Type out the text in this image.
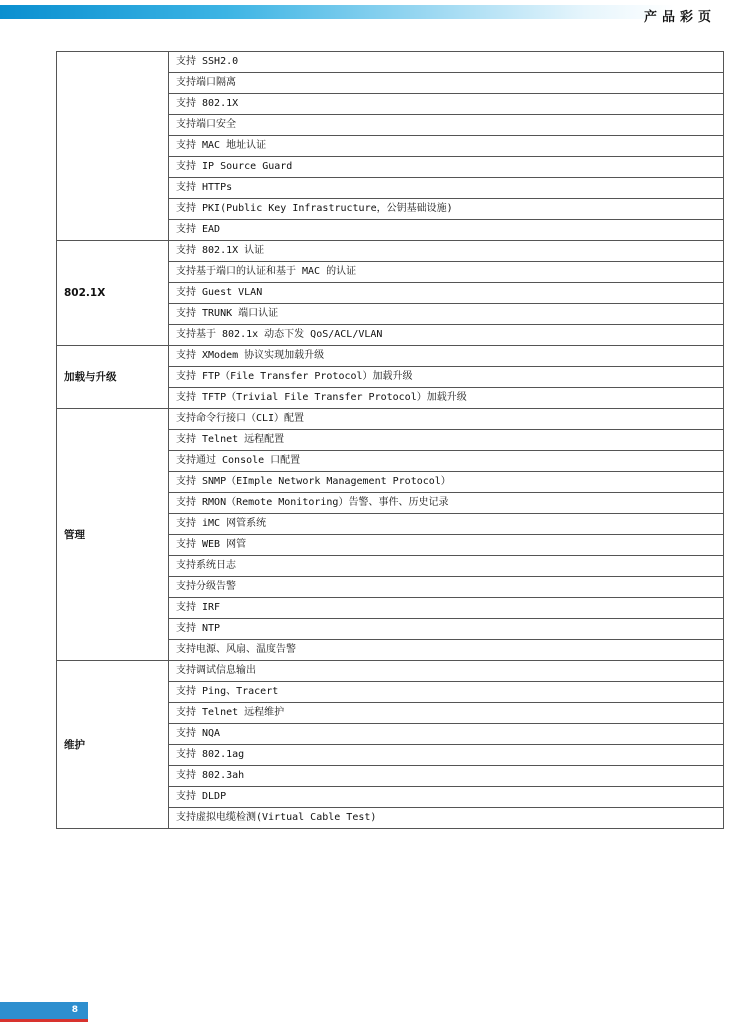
产品彩页
	支持 SSH2.0
	支持端口隔离
	支持 802.1X
	支持端口安全
	支持 MAC 地址认证
	支持 IP Source Guard
	支持 HTTPs
	支持 PKI(Public Key Infrastructure，公钥基础设施)
	支持 EAD
802.1X	支持 802.1X 认证
	支持基于端口的认证和基于 MAC 的认证
	支持 Guest VLAN
	支持 TRUNK 端口认证
	支持基于 802.1x 动态下发 QoS/ACL/VLAN
加载与升级	支持 XModem 协议实现加载升级
	支持 FTP（File Transfer Protocol）加载升级
	支持 TFTP（Trivial File Transfer Protocol）加载升级
管理	支持命令行接口（CLI）配置
	支持 Telnet 远程配置
	支持通过 Console 口配置
	支持 SNMP（EImple Network Management Protocol）
	支持 RMON（Remote Monitoring）告警、事件、历史记录
	支持 iMC 网管系统
	支持 WEB 网管
	支持系统日志
	支持分级告警
	支持 IRF
	支持 NTP
	支持电源、风扇、温度告警
维护	支持调试信息输出
	支持 Ping、Tracert
	支持 Telnet 远程维护
	支持 NQA
	支持 802.1ag
	支持 802.3ah
	支持 DLDP
	支持虚拟电缆检测(Virtual Cable Test)
8
